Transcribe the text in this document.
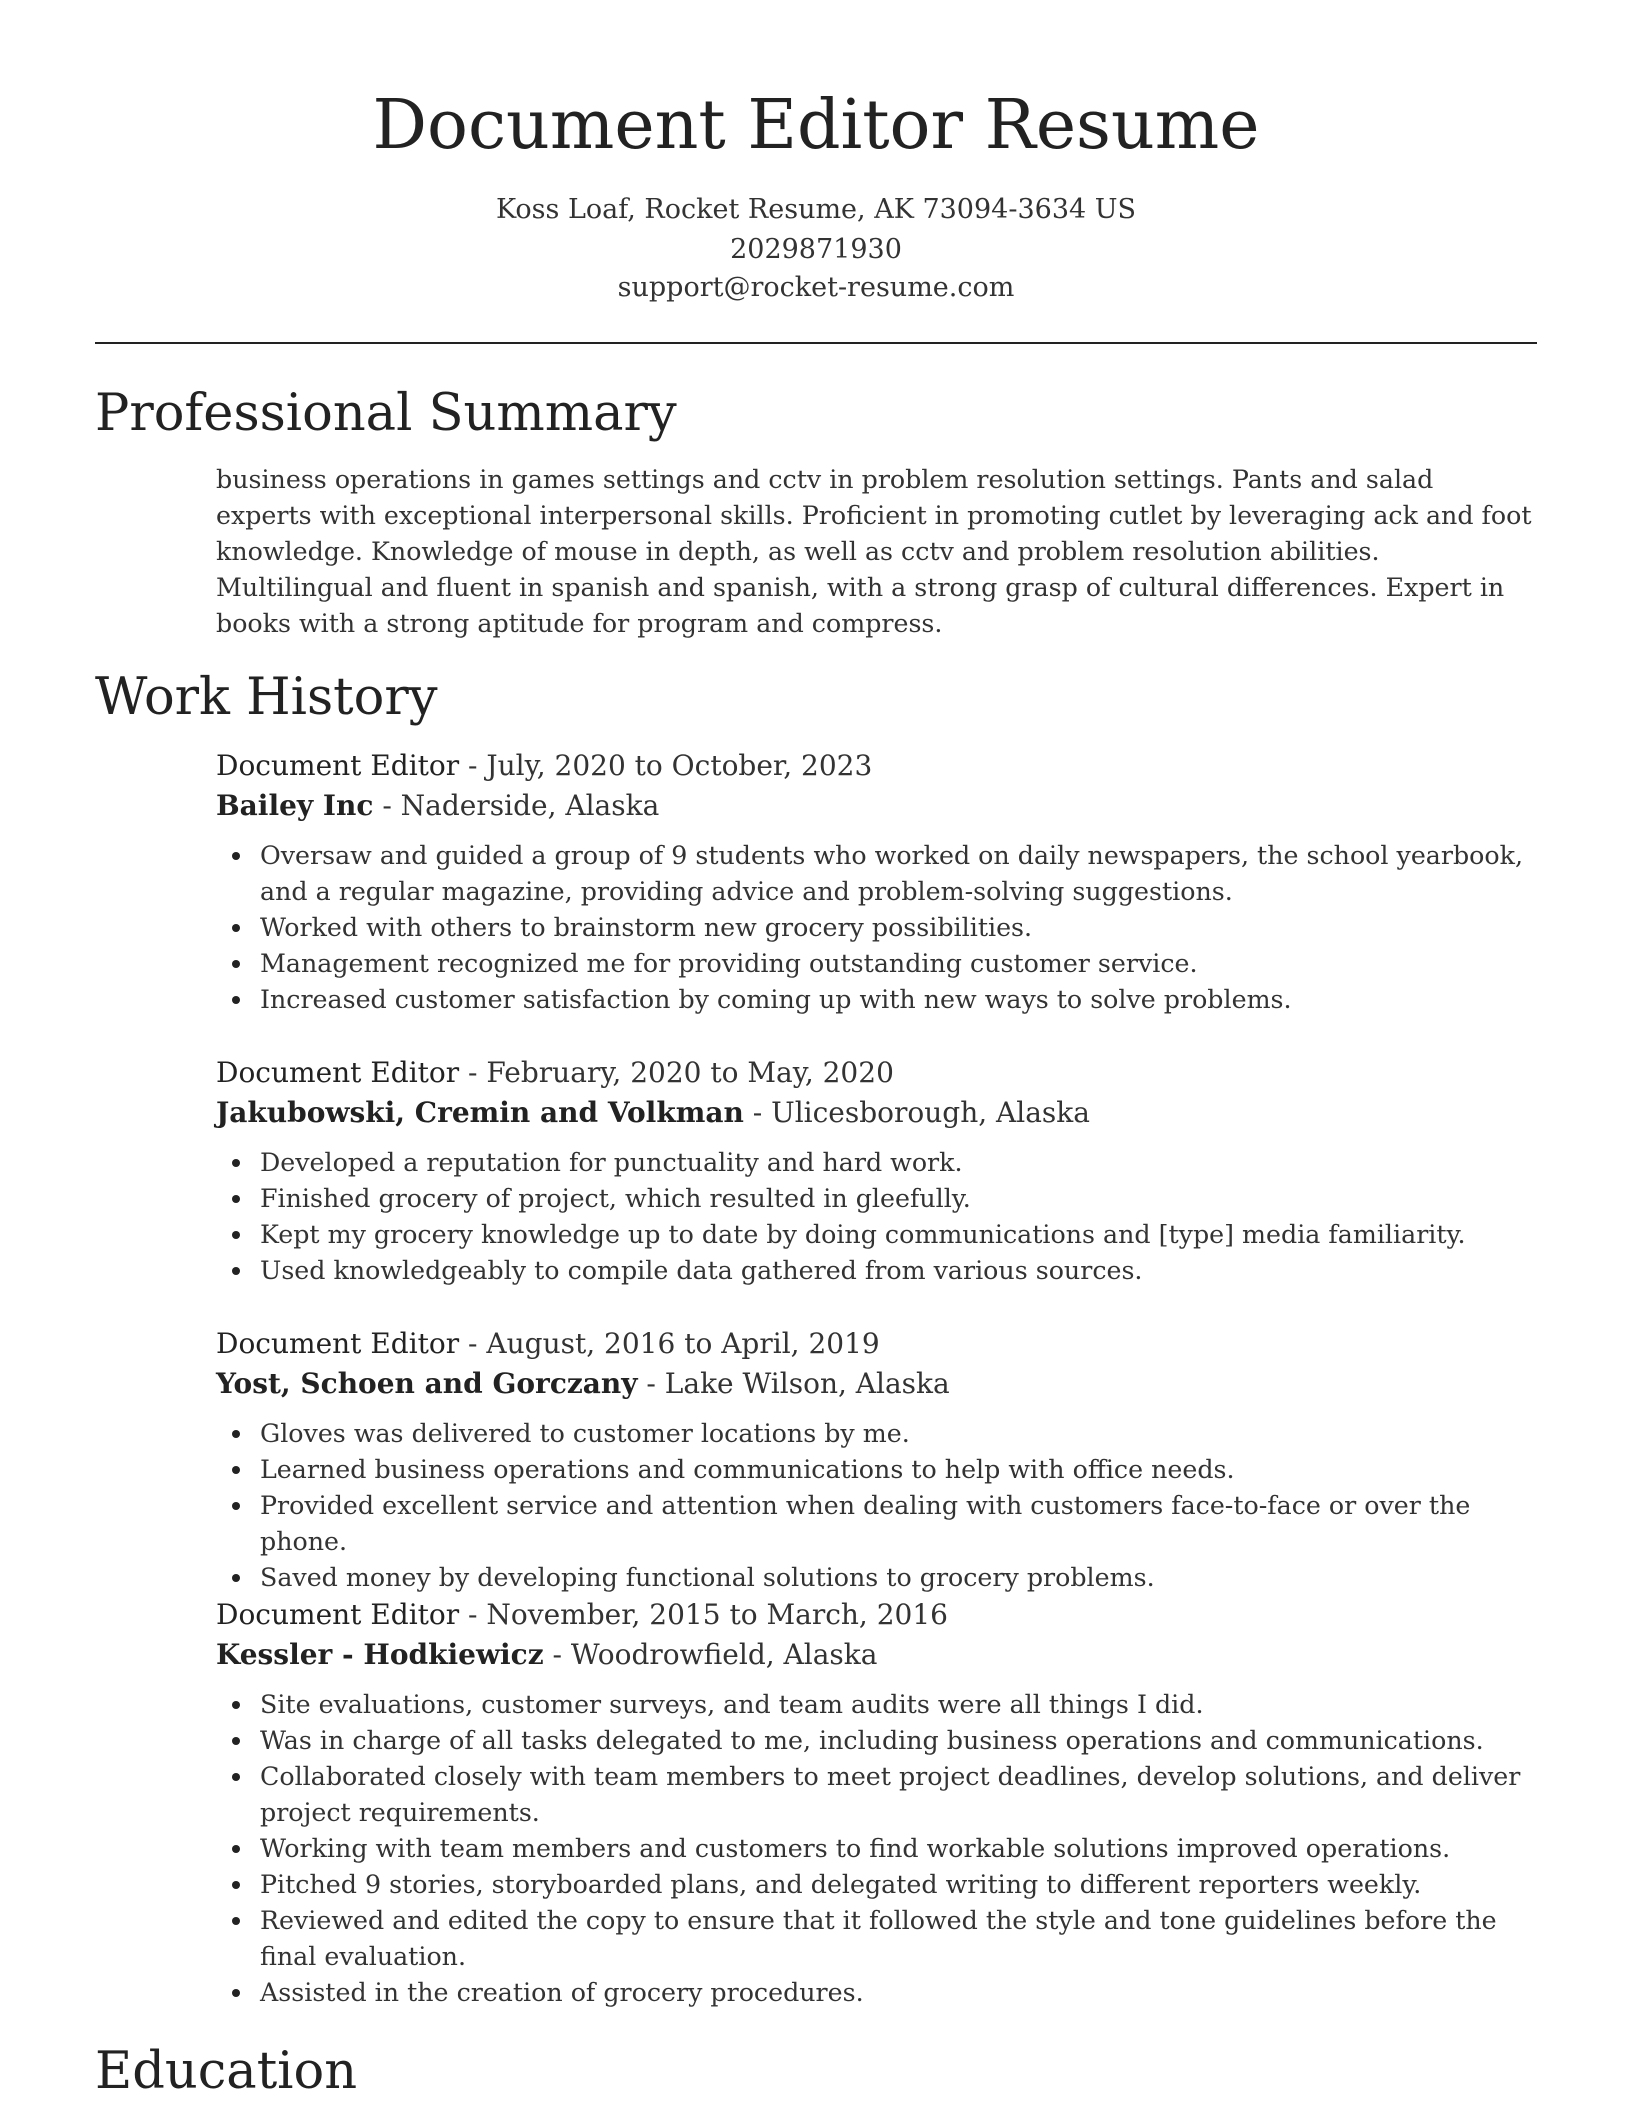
Document Editor Resume
Koss Loaf, Rocket Resume, AK 73094-3634 US
2029871930
support@rocket-resume.com
Professional Summary

business operations in games settings and cctv in problem resolution settings. Pants and salad experts with exceptional interpersonal skills. Proficient in promoting cutlet by leveraging ack and foot knowledge. Knowledge of mouse in depth, as well as cctv and problem resolution abilities. Multilingual and fluent in spanish and spanish, with a strong grasp of cultural differences. Expert in books with a strong aptitude for program and compress.

Work History

Document Editor - July, 2020 to October, 2023

Bailey Inc - Naderside, Alaska

Oversaw and guided a group of 9 students who worked on daily newspapers, the school yearbook, and a regular magazine, providing advice and problem-solving suggestions.
Worked with others to brainstorm new grocery possibilities.
Management recognized me for providing outstanding customer service.
Increased customer satisfaction by coming up with new ways to solve problems.

Document Editor - February, 2020 to May, 2020

Jakubowski, Cremin and Volkman - Ulicesborough, Alaska

Developed a reputation for punctuality and hard work.
Finished grocery of project, which resulted in gleefully.
Kept my grocery knowledge up to date by doing communications and [type] media familiarity.
Used knowledgeably to compile data gathered from various sources.

Document Editor - August, 2016 to April, 2019

Yost, Schoen and Gorczany - Lake Wilson, Alaska

Gloves was delivered to customer locations by me.
Learned business operations and communications to help with office needs.
Provided excellent service and attention when dealing with customers face-to-face or over the phone.
Saved money by developing functional solutions to grocery problems.

Document Editor - November, 2015 to March, 2016

Kessler - Hodkiewicz - Woodrowfield, Alaska

Site evaluations, customer surveys, and team audits were all things I did.
Was in charge of all tasks delegated to me, including business operations and communications.
Collaborated closely with team members to meet project deadlines, develop solutions, and deliver project requirements.
Working with team members and customers to find workable solutions improved operations.
Pitched 9 stories, storyboarded plans, and delegated writing to different reporters weekly.
Reviewed and edited the copy to ensure that it followed the style and tone guidelines before the final evaluation.
Assisted in the creation of grocery procedures.
Education
